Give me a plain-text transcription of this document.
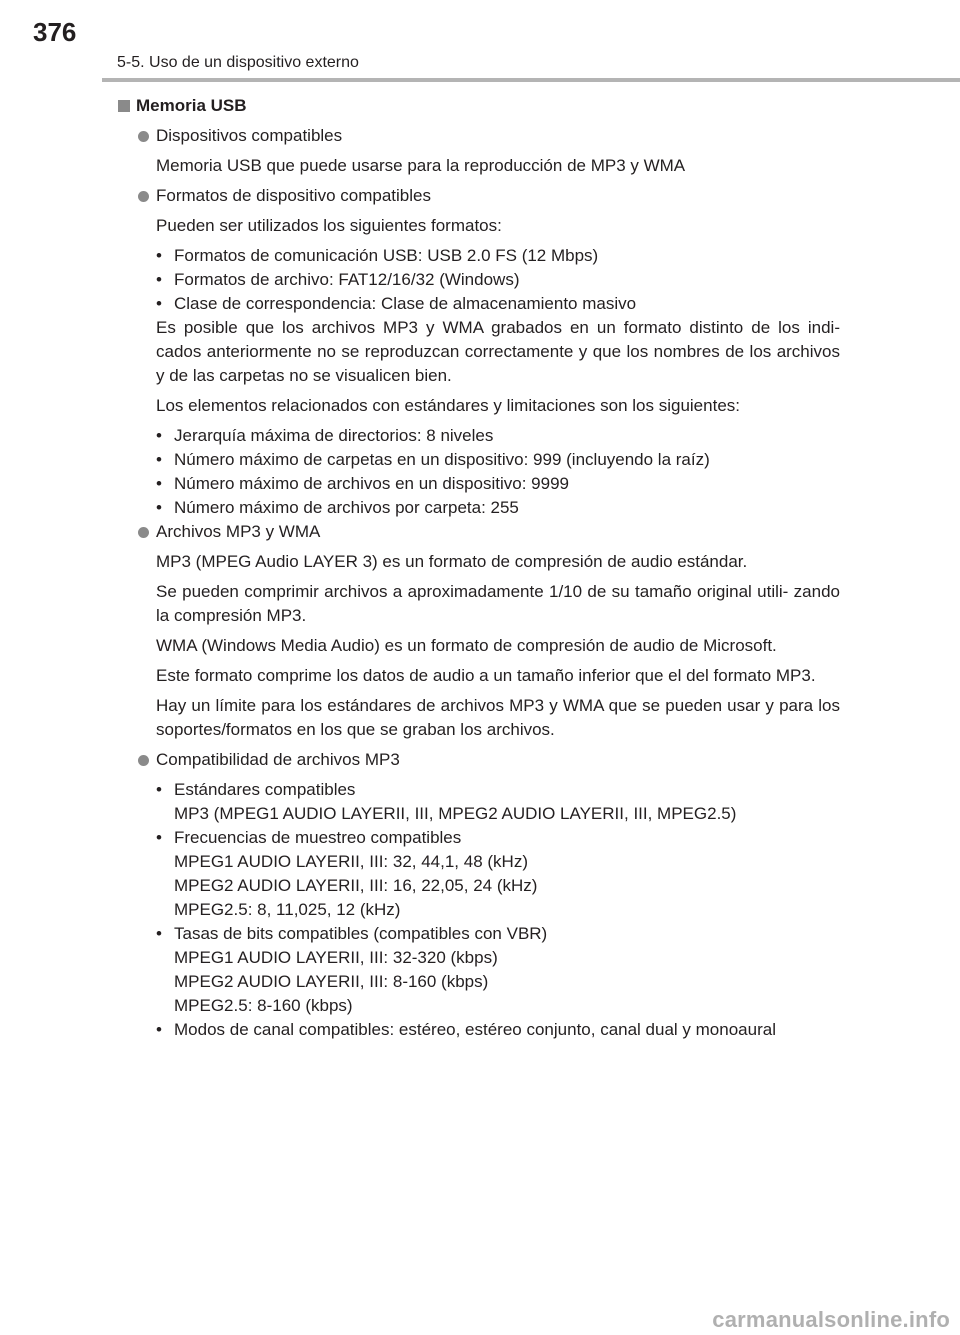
376
5-5. Uso de un dispositivo externo
Memoria USB
Dispositivos compatibles

Memoria USB que puede usarse para la reproducción de MP3 y WMA

Formatos de dispositivo compatibles

Pueden ser utilizados los siguientes formatos:

• Formatos de comunicación USB: USB 2.0 FS (12 Mbps)
• Formatos de archivo: FAT12/16/32 (Windows)
• Clase de correspondencia: Clase de almacenamiento masivo

Es posible que los archivos MP3 y WMA grabados en un formato distinto de los indi- cados anteriormente no se reproduzcan correctamente y que los nombres de los archivos y de las carpetas no se visualicen bien.

Los elementos relacionados con estándares y limitaciones son los siguientes:

• Jerarquía máxima de directorios: 8 niveles
• Número máximo de carpetas en un dispositivo: 999 (incluyendo la raíz)
• Número máximo de archivos en un dispositivo: 9999
• Número máximo de archivos por carpeta: 255
Archivos MP3 y WMA

MP3 (MPEG Audio LAYER 3) es un formato de compresión de audio estándar.

Se pueden comprimir archivos a aproximadamente 1/10 de su tamaño original utili- zando la compresión MP3.

WMA (Windows Media Audio) es un formato de compresión de audio de Microsoft.

Este formato comprime los datos de audio a un tamaño inferior que el del formato MP3.

Hay un límite para los estándares de archivos MP3 y WMA que se pueden usar y para los soportes/formatos en los que se graban los archivos.

Compatibilidad de archivos MP3
• Estándares compatibles
MP3 (MPEG1 AUDIO LAYERII, III, MPEG2 AUDIO LAYERII, III, MPEG2.5)
• Frecuencias de muestreo compatibles
MPEG1 AUDIO LAYERII, III: 32, 44,1, 48 (kHz)
MPEG2 AUDIO LAYERII, III: 16, 22,05, 24 (kHz)
MPEG2.5: 8, 11,025, 12 (kHz)
• Tasas de bits compatibles (compatibles con VBR)
MPEG1 AUDIO LAYERII, III: 32-320 (kbps)
MPEG2 AUDIO LAYERII, III: 8-160 (kbps)
MPEG2.5: 8-160 (kbps)
• Modos de canal compatibles: estéreo, estéreo conjunto, canal dual y monoaural
carmanualsonline.info
